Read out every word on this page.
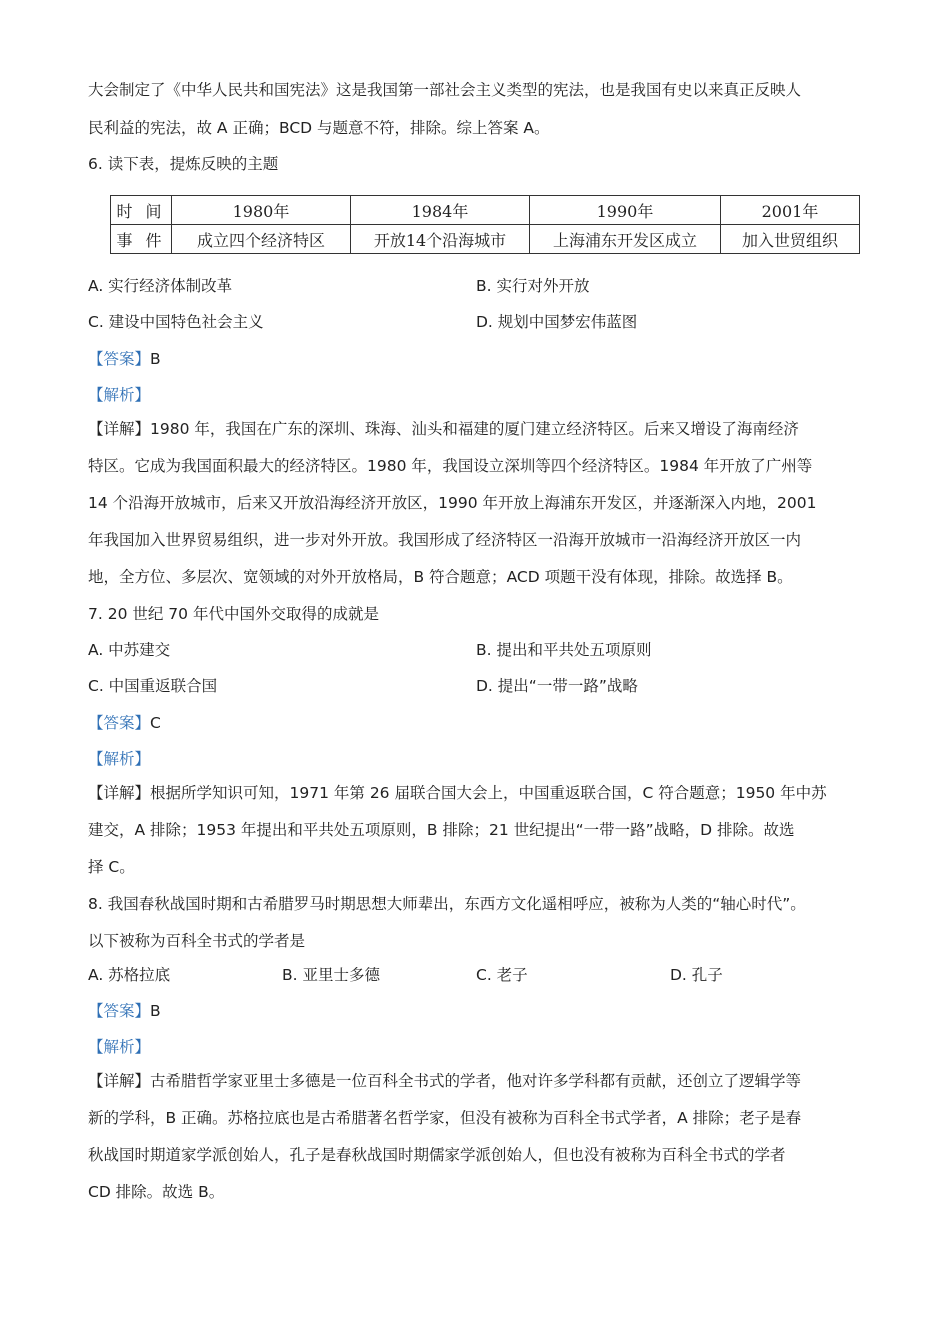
大会制定了《中华人民共和国宪法》这是我国第一部社会主义类型的宪法，也是我国有史以来真正反映人
民利益的宪法，故 A 正确；BCD 与题意不符，排除。综上答案 A。
6. 读下表，提炼反映的主题
时 间	1980年	1984年	1990年	2001年
事 件	成立四个经济特区	开放14个沿海城市	上海浦东开发区成立	加入世贸组织
A. 实行经济体制改革	B. 实行对外开放
C. 建设中国特色社会主义	D. 规划中国梦宏伟蓝图
【答案】B
【解析】
【详解】1980 年，我国在广东的深圳、珠海、汕头和福建的厦门建立经济特区。后来又增设了海南经济
特区。它成为我国面积最大的经济特区。1980 年，我国设立深圳等四个经济特区。1984 年开放了广州等
14 个沿海开放城市，后来又开放沿海经济开放区，1990 年开放上海浦东开发区，并逐渐深入内地，2001
年我国加入世界贸易组织，进一步对外开放。我国形成了经济特区一沿海开放城市一沿海经济开放区一内
地，全方位、多层次、宽领域的对外开放格局，B 符合题意；ACD 项题干没有体现，排除。故选择 B。
7. 20 世纪 70 年代中国外交取得的成就是
A. 中苏建交	B. 提出和平共处五项原则
C. 中国重返联合国	D. 提出“一带一路”战略
【答案】C
【解析】
【详解】根据所学知识可知，1971 年第 26 届联合国大会上，中国重返联合国，C 符合题意；1950 年中苏
建交，A 排除；1953 年提出和平共处五项原则，B 排除；21 世纪提出“一带一路”战略，D 排除。故选
择 C。
8. 我国春秋战国时期和古希腊罗马时期思想大师辈出，东西方文化遥相呼应，被称为人类的“轴心时代”。
以下被称为百科全书式的学者是
A. 苏格拉底	B. 亚里士多德	C. 老子	D. 孔子
【答案】B
【解析】
【详解】古希腊哲学家亚里士多德是一位百科全书式的学者，他对许多学科都有贡献，还创立了逻辑学等
新的学科，B 正确。苏格拉底也是古希腊著名哲学家，但没有被称为百科全书式学者，A 排除；老子是春
秋战国时期道家学派创始人，孔子是春秋战国时期儒家学派创始人，但也没有被称为百科全书式的学者
CD 排除。故选 B。
